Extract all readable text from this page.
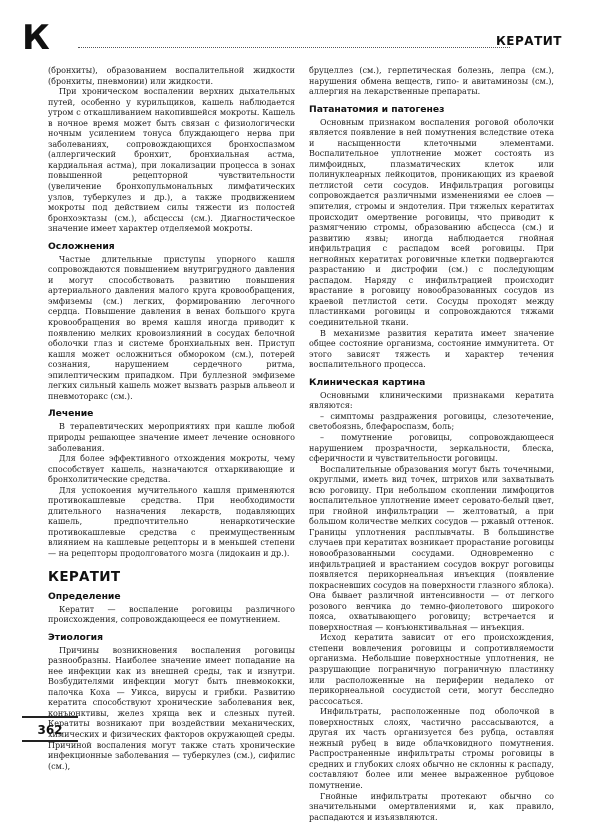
К	КЕРАТИТ

(бронхиты), образованием воспалительной жидкости (бронхиты, пневмонии) или жидкости.

При хроническом воспалении верхних дыхательных путей, особенно у курильщиков, кашель наблюдается утром с откашливанием накопившейся мокроты. Кашель в ночное время может быть связан с физиологически ночным усилением тонуса блуждающего нерва при заболеваниях, сопровождающихся бронхоспазмом (аллергический бронхит, бронхиальная астма, кардиальная астма), при локализации процесса в зонах повышенной рецепторной чувствительности (увеличение бронхопульмональных лимфатических узлов, туберкулез и др.), а также продвижением мокроты под действием силы тяжести из полостей бронхоэктазы (см.), абсцессы (см.). Диагностическое значение имеет характер отделяемой мокроты.

Осложнения

Частые длительные приступы упорного кашля сопровождаются повышением внутригрудного давления и могут способствовать развитию повышения артериального давления малого круга кровообращения, эмфиземы (см.) легких, формированию легочного сердца. Повышение давления в венах большого круга кровообращения во время кашля иногда приводит к появлению мелких кровоизлияний в сосудах белочной оболочки глаз и системе бронхиальных вен. Приступ кашля может осложниться обмороком (см.), потерей сознания, нарушением сердечного ритма, эпилептическим припадком. При буллезной эмфиземе легких сильный кашель может вызвать разрыв альвеол и пневмоторакс (см.).

Лечение

В терапевтических мероприятиях при кашле любой природы решающее значение имеет лечение основного заболевания.

Для более эффективного отхождения мокроты, чему способствует кашель, назначаются отхаркивающие и бронхолитические средства.

Для успокоения мучительного кашля применяются противокашлевые средства. При необходимости длительного назначения лекарств, подавляющих кашель, предпочтительно ненаркотические противокашлевые средства с преимущественным влиянием на кашлевые рецепторы и в меньшей степени — на рецепторы продолговатого мозга (лидокаин и др.).

КЕРАТИТ
Определение

Кератит — воспаление роговицы различного происхождения, сопровождающееся ее помутнением.

Этиология

Причины возникновения воспаления роговицы разнообразны. Наиболее значение имеет попадание на нее инфекции как из внешней среды, так и изнутри. Возбудителями инфекции могут быть пневмококки, палочка Коха — Уикса, вирусы и грибки. Развитию кератита способствуют хронические заболевания век, конъюнктивы, желез хряща век и слезных путей. Кератиты возникают при воздействии механических, химических и физических факторов окружающей среды. Причиной воспаления могут также стать хронические инфекционные заболевания — туберкулез (см.), сифилис (см.),

бруцеллез (см.), герпетическая болезнь, лепра (см.), нарушения обмена веществ, гипо- и авитаминозы (см.), аллергия на лекарственные препараты.

Патанатомия и патогенез

Основным признаком воспаления роговой оболочки является появление в ней помутнения вследствие отека и насыщенности клеточными элементами. Воспалительное уплотнение может состоять из лимфоидных, плазматических клеток или полинуклеарных лейкоцитов, проникающих из краевой петлистой сети сосудов. Инфильтрация роговицы сопровождается различными изменениями ее слоев — эпителия, стромы и эндотелия. При тяжелых кератитах происходит омертвение роговицы, что приводит к размягчению стромы, образованию абсцесса (см.) и развитию язвы; иногда наблюдается гнойная инфильтрация с распадом всей роговицы. При негнойных кератитах роговичные клетки подвергаются разрастанию и дистрофии (см.) с последующим распадом. Наряду с инфильтрацией происходит врастание в роговицу новообразованных сосудов из краевой петлистой сети. Сосуды проходят между пластинками роговицы и сопровождаются тяжами соединительной ткани.

В механизме развития кератита имеет значение общее состояние организма, состояние иммунитета. От этого зависят тяжесть и характер течения воспалительного процесса.

Клиническая картина

Основными клиническими признаками кератита являются:

– симптомы раздражения роговицы, слезотечение, светобоязнь, блефароспазм, боль;

– помутнение роговицы, сопровождающееся нарушением прозрачности, зеркальности, блеска, сферичности и чувствительности роговицы.

Воспалительные образования могут быть точечными, округлыми, иметь вид точек, штрихов или захватывать всю роговицу. При небольшом скоплении лимфоцитов воспалительное уплотнение имеет серовато-белый цвет, при гнойной инфильтрации — желтоватый, а при большом количестве мелких сосудов — ржавый оттенок. Границы уплотнения расплывчаты. В большинстве случаев при кератитах возникает прорастание роговицы новообразованными сосудами. Одновременно с инфильтрацией и врастанием сосудов вокруг роговицы появляется перикорнеальная инъекция (появление покрасневших сосудов на поверхности глазного яблока). Она бывает различной интенсивности — от легкого розового венчика до темно-фиолетового широкого пояса, охватывающего роговицу; встречается и поверхностная — конъюнктивальная — инъекция.

Исход кератита зависит от его происхождения, степени вовлечения роговицы и сопротивляемости организма. Небольшие поверхностные уплотнения, не разрушающие пограничную пограничную пластинку или расположенные на периферии недалеко от перикорнеальной сосудистой сети, могут бесследно рассосаться.

Инфильтраты, расположенные под оболочкой в поверхностных слоях, частично рассасываются, а другая их часть организуется без рубца, оставляя нежный рубец в виде облачковидного помутнения. Распространенные инфильтраты стромы роговицы в средних и глубоких слоях обычно не склонны к распаду, составляют более или менее выраженное рубцовое помутнение.

Гнойные инфильтраты протекают обычно со значительными омертвлениями и, как правило, распадаются и изъязвляются.

362
